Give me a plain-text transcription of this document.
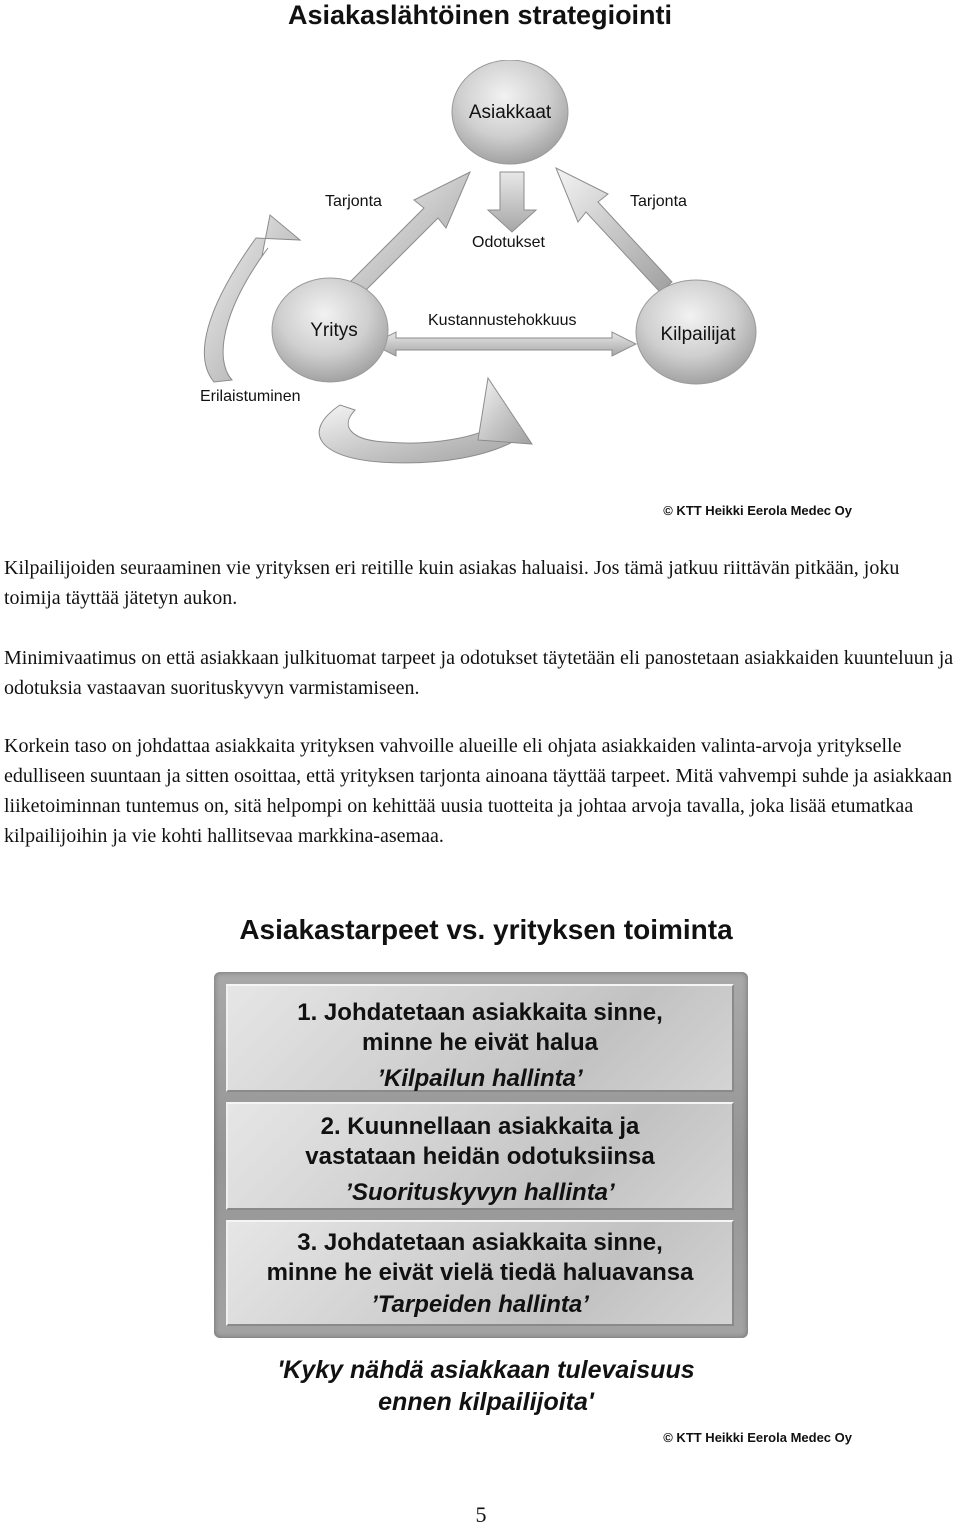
Asiakaslähtöinen strategiointi
Asiakkaat
Yritys	Kilpailijat
Tarjonta	Tarjonta
Odotukset
Kustannustehokkuus
Erilaistuminen
© KTT Heikki Eerola Medec Oy

Kilpailijoiden seuraaminen vie yrityksen eri reitille kuin asiakas haluaisi. Jos tämä jatkuu riittävän pitkään, joku toimija täyttää jätetyn aukon.

Minimivaatimus on että asiakkaan julkituomat tarpeet ja odotukset täytetään eli panostetaan asiakkaiden kuunteluun ja odotuksia vastaavan suorituskyvyn varmistamiseen.

Korkein taso on johdattaa asiakkaita yrityksen vahvoille alueille eli ohjata asiakkaiden valinta-arvoja yritykselle edulliseen suuntaan ja sitten osoittaa, että yrityksen tarjonta ainoana täyttää tarpeet. Mitä vahvempi suhde ja asiakkaan liiketoiminnan tuntemus on, sitä helpompi on kehittää uusia tuotteita ja johtaa arvoja tavalla, joka lisää etumatkaa kilpailijoihin ja vie kohti hallitsevaa markkina-asemaa.

Asiakastarpeet vs. yrityksen toiminta
1. Johdatetaan asiakkaita sinne,
minne he eivät halua
’Kilpailun hallinta’
2. Kuunnellaan asiakkaita ja
vastataan heidän odotuksiinsa
’Suorituskyvyn hallinta’
3. Johdatetaan asiakkaita sinne,
minne he eivät vielä tiedä haluavansa
’Tarpeiden hallinta’
'Kyky nähdä asiakkaan tulevaisuus
ennen kilpailijoita'
© KTT Heikki Eerola Medec Oy
5
